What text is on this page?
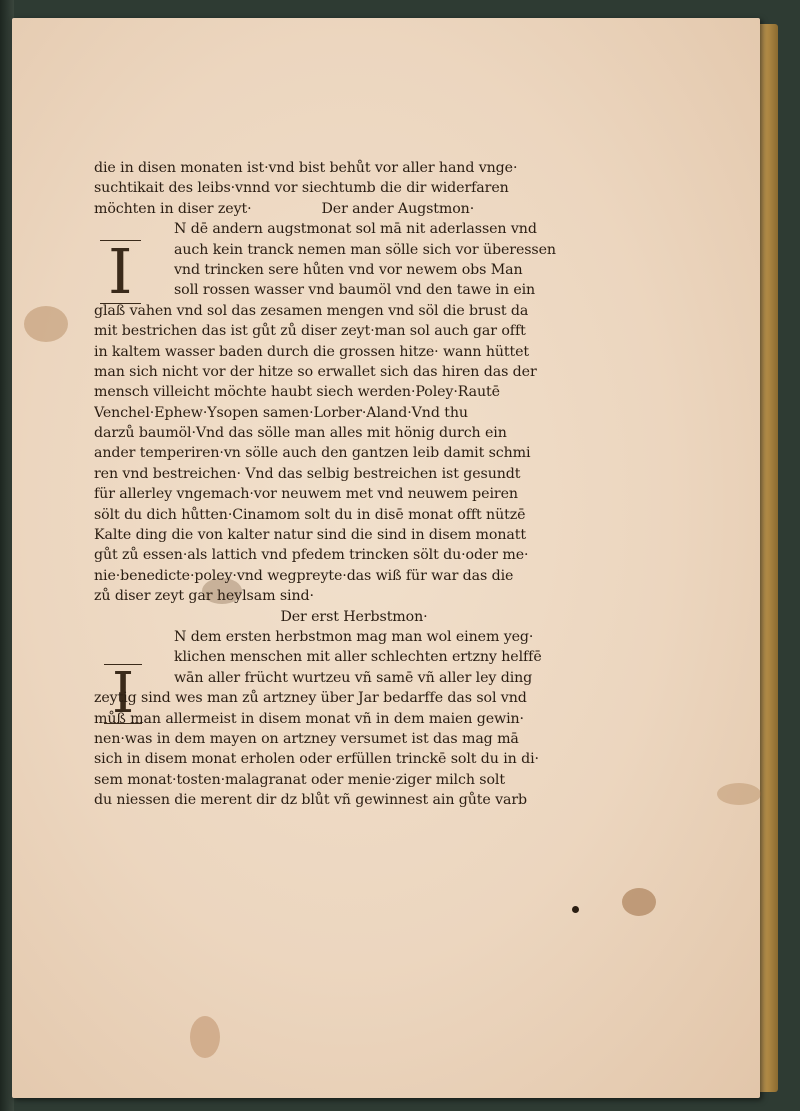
I
I
die in disen monaten ist·vnd bist behůt vor aller hand vnge·
suchtikait des leibs·vnnd vor siechtumb die dir widerfaren
möchten in diser zeyt·	Der ander Augstmon·
N dē andern augstmonat sol mā nit aderlassen vnd
auch kein tranck nemen man sölle sich vor überessen
vnd trincken sere hůten vnd vor newem obs Man
soll rossen wasser vnd baumöl vnd den tawe in ein
glaß vahen vnd sol das zesamen mengen vnd söl die brust da
mit bestrichen das ist gůt zů diser zeyt·man sol auch gar offt
in kaltem wasser baden durch die grossen hitze· wann hüttet
man sich nicht vor der hitze so erwallet sich das hiren das der
mensch villeicht möchte haubt siech werden·Poley·Rautē
Venchel·Ephew·Ysopen samen·Lorber·Aland·Vnd thu
darzů baumöl·Vnd das sölle man alles mit hönig durch ein
ander temperiren·vn sölle auch den gantzen leib damit schmi
ren vnd bestreichen· Vnd das selbig bestreichen ist gesundt
für allerley vngemach·vor neuwem met vnd neuwem peiren
sölt du dich hůtten·Cinamom solt du in disē monat offt nützē
Kalte ding die von kalter natur sind die sind in disem monatt
gůt zů essen·als lattich vnd pfedem trincken sölt du·oder me·
nie·benedicte·poley·vnd wegpreyte·das wiß für war das die
zů diser zeyt gar heylsam sind·
Der erst Herbstmon·
N dem ersten herbstmon mag man wol einem yeg·
klichen menschen mit aller schlechten ertzny helffē
wān aller frücht wurtzeu vñ samē vñ aller ley ding
zeytig sind wes man zů artzney über Jar bedarffe das sol vnd
můß man allermeist in disem monat vñ in dem maien gewin·
nen·was in dem mayen on artzney versumet ist das mag mā
sich in disem monat erholen oder erfüllen trinckē solt du in di·
sem monat·tosten·malagranat oder menie·ziger milch solt
du niessen die merent dir dz blůt vñ gewinnest ain gůte varb
